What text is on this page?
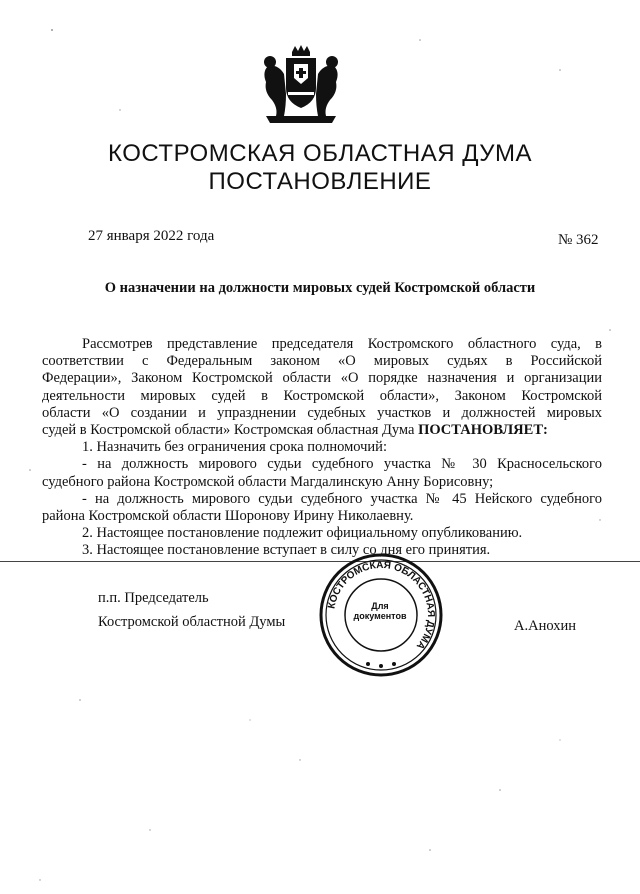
КОСТРОМСКАЯ ОБЛАСТНАЯ ДУМА
ПОСТАНОВЛЕНИЕ
27 января 2022 года	№ 362
О назначении на должности мировых судей Костромской области

Рассмотрев представление председателя Костромского областного суда, в

соответствии с Федеральным законом «О мировых судьях в Российской

Федерации», Законом Костромской области «О порядке назначения и организации

деятельности мировых судей в Костромской области», Законом Костромской

области «О создании и упразднении судебных участков и должностей мировых

судей в Костромской области» Костромская областная Дума ПОСТАНОВЛЯЕТ:

1. Назначить без ограничения срока полномочий:

- на должность мирового судьи судебного участка № 30 Красносельского

судебного района Костромской области Магдалинскую Анну Борисовну;

- на должность мирового судьи судебного участка № 45 Нейского судебного

района Костромской области Шоронову Ирину Николаевну.

2. Настоящее постановление подлежит официальному опубликованию.

3. Настоящее постановление вступает в силу со дня его принятия.

п.п. Председатель
Костромской областной Думы	А.Анохин
КОСТРОМСКАЯ ОБЛАСТНАЯ ДУМА
Для
документов
